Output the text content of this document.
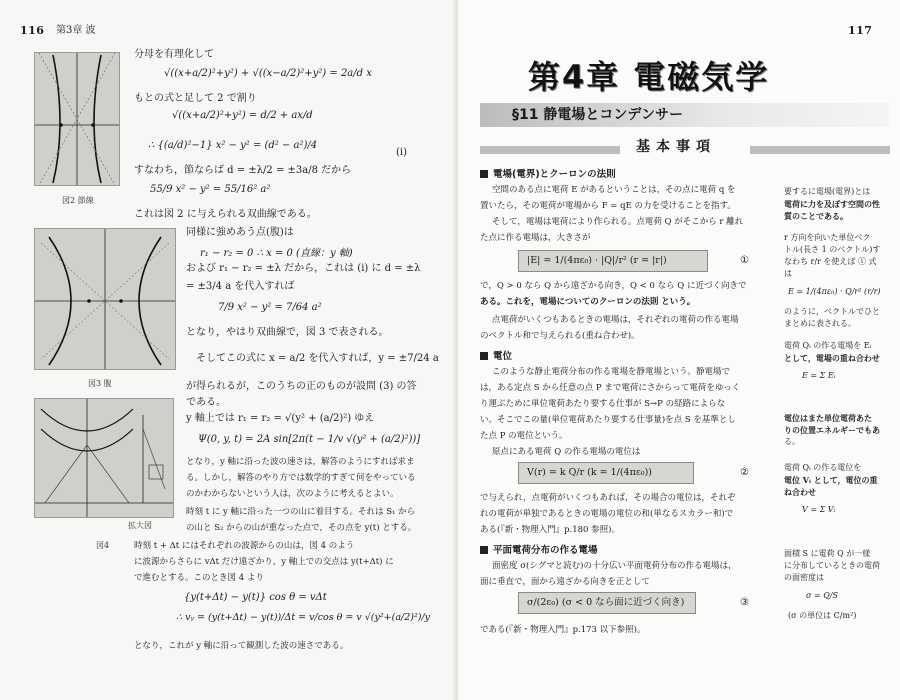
116 第3章 波
図2 節線
図3 腹
拡大図
図4
分母を有理化して
√((x+a/2)²+y²) + √((x−a/2)²+y²) = 2a/d x
もとの式と足して 2 で割り
√((x+a/2)²+y²) = d/2 + ax/d
∴ {(a/d)²−1} x² − y² = (d² − a²)/4
(i)
すなわち，節ならば d = ±λ/2 = ±3a/8 だから
55/9 x² − y² = 55/16² a²
これは図 2 に与えられる双曲線である。
同様に強めあう点(腹)は
r₁ − r₂ = 0 ∴ x = 0 (直線：y 軸)
および r₁ − r₂ = ±λ だから，これは (i) に d = ±λ
= ±3/4 a を代入すれば
7/9 x² − y² = 7/64 a²
となり，やはり双曲線で，図 3 で表される。
そしてこの式に x = a/2 を代入すれば，y = ±7/24 a
が得られるが，このうちの正のものが設問 (3) の答
である。
y 軸上では r₁ = r₂ = √(y² + (a/2)²) ゆえ
Ψ(0, y, t) = 2A sin[2π(t − 1/v √(y² + (a/2)²))]
となり，y 軸に沿った波の速さは，解答のようにすれば求ま
る。しかし，解答のやり方では数学的すぎて何をやっている
のかわからないという人は，次のように考えるとよい。
時刻 t に y 軸に沿った一つの山に着目する。それは S₁ から
の山と S₂ からの山が重なった点で，その点を y(t) とする。
時刻 t + Δt にはそれぞれの波源からの山は，図 4 のよう
に波源からさらに vΔt だけ遠ざかり，y 軸上での交点は y(t+Δt) に
で進むとする。このとき図 4 より
{y(t+Δt) − y(t)} cos θ = vΔt
∴ vᵧ = (y(t+Δt) − y(t))/Δt = v/cos θ = v √(y²+(a/2)²)/y
となり，これが y 軸に沿って観測した波の速さである。
117
第4章 電磁気学
§11 静電場とコンデンサー
基本事項
電場(電界)とクーロンの法則
空間のある点に電荷 E があるということは，その点に電荷 q を
置いたら，その電荷が電場から F = qE の力を受けることを指す。
そして，電場は電荷により作られる。点電荷 Q がそこから r 離れ
た点に作る電場は，大きさが
|E| = 1/(4πε₀) · |Q|/r² (r = |r|)	①
で，Q > 0 なら Q から遠ざかる向き，Q < 0 なら Q に近づく向きで
ある。これを，電場についてのクーロンの法則 という。
点電荷がいくつもあるときの電場は，それぞれの電荷の作る電場
のベクトル和で与えられる(重ね合わせ)。
電位
このような静止電荷分布の作る電場を静電場という。静電場で
は，ある定点 S から任意の点 P まで電荷にさからって電荷をゆっく
り運ぶために単位電荷あたり要する仕事が S→P の経路によらな
い。そこでこの量(単位電荷あたり要する仕事量)を点 S を基準とし
た点 P の電位という。
原点にある電荷 Q の作る電場の電位は
V(r) = k Q/r (k = 1/(4πε₀))	②
で与えられ，点電荷がいくつもあれば，その場合の電位は，それぞ
れの電荷が単独であるときの電場の電位の和(単なるスカラー和)で
ある(『新・物理入門』p.180 参照)。
平面電荷分布の作る電場
面密度 σ(シグマと読む)の十分広い平面電荷分布の作る電場は，
面に垂直で，面から遠ざかる向きを正として
σ/(2ε₀) (σ < 0 なら面に近づく向き)	③
である(『新・物理入門』p.173 以下参照)。
要するに電場(電界)とは
電荷に力を及ぼす空間の性
質のことである。
r 方向を向いた単位ベク
トル(長さ 1 のベクトル)す
なわち r/r を使えば ① 式
は
E = 1/(4πε₀) · Q/r² (r/r)
のように，ベクトルでひと
まとめに表される。
電荷 Qᵢ の作る電場を Eᵢ
として，電場の重ね合わせ
E = Σ Eᵢ
電位はまた単位電荷あた
りの位置エネルギーでもあ
る。
電荷 Qᵢ の作る電位を
電位 Vᵢ として，電位の重
ね合わせ
V = Σ Vᵢ
面積 S に電荷 Q が一様
に分布しているときの電荷
の面密度は
σ = Q/S
(σ の単位は C/m²)
